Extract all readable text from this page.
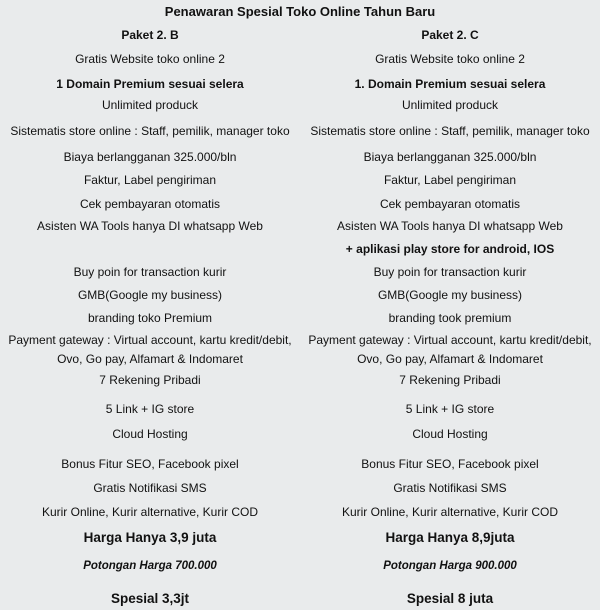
Penawaran Spesial Toko Online Tahun Baru
Paket 2. B
Gratis Website toko online 2
1 Domain Premium sesuai selera
Unlimited produck
Sistematis store online : Staff, pemilik, manager toko
Biaya berlangganan 325.000/bln
Faktur, Label pengiriman
Cek pembayaran otomatis
Asisten WA Tools hanya DI whatsapp Web
Buy poin for transaction kurir
GMB(Google my business)
branding toko Premium
Payment gateway : Virtual account, kartu kredit/debit, Ovo, Go pay, Alfamart & Indomaret
7 Rekening Pribadi
5 Link + IG store
Cloud Hosting
Bonus Fitur SEO, Facebook pixel
Gratis Notifikasi SMS
Kurir Online, Kurir alternative, Kurir COD
Harga Hanya 3,9 juta
Potongan Harga 700.000
Spesial 3,3jt
Paket 2. C
Gratis Website toko online 2
1. Domain Premium sesuai selera
Unlimited produck
Sistematis store online : Staff, pemilik, manager toko
Biaya berlangganan 325.000/bln
Faktur, Label pengiriman
Cek pembayaran otomatis
Asisten WA Tools hanya DI whatsapp Web
+ aplikasi play store for android, IOS
Buy poin for transaction kurir
GMB(Google my business)
branding took premium
Payment gateway : Virtual account, kartu kredit/debit, Ovo, Go pay, Alfamart & Indomaret
7 Rekening Pribadi
5 Link + IG store
Cloud Hosting
Bonus Fitur SEO, Facebook pixel
Gratis Notifikasi SMS
Kurir Online, Kurir alternative, Kurir COD
Harga Hanya 8,9juta
Potongan Harga 900.000
Spesial 8 juta
